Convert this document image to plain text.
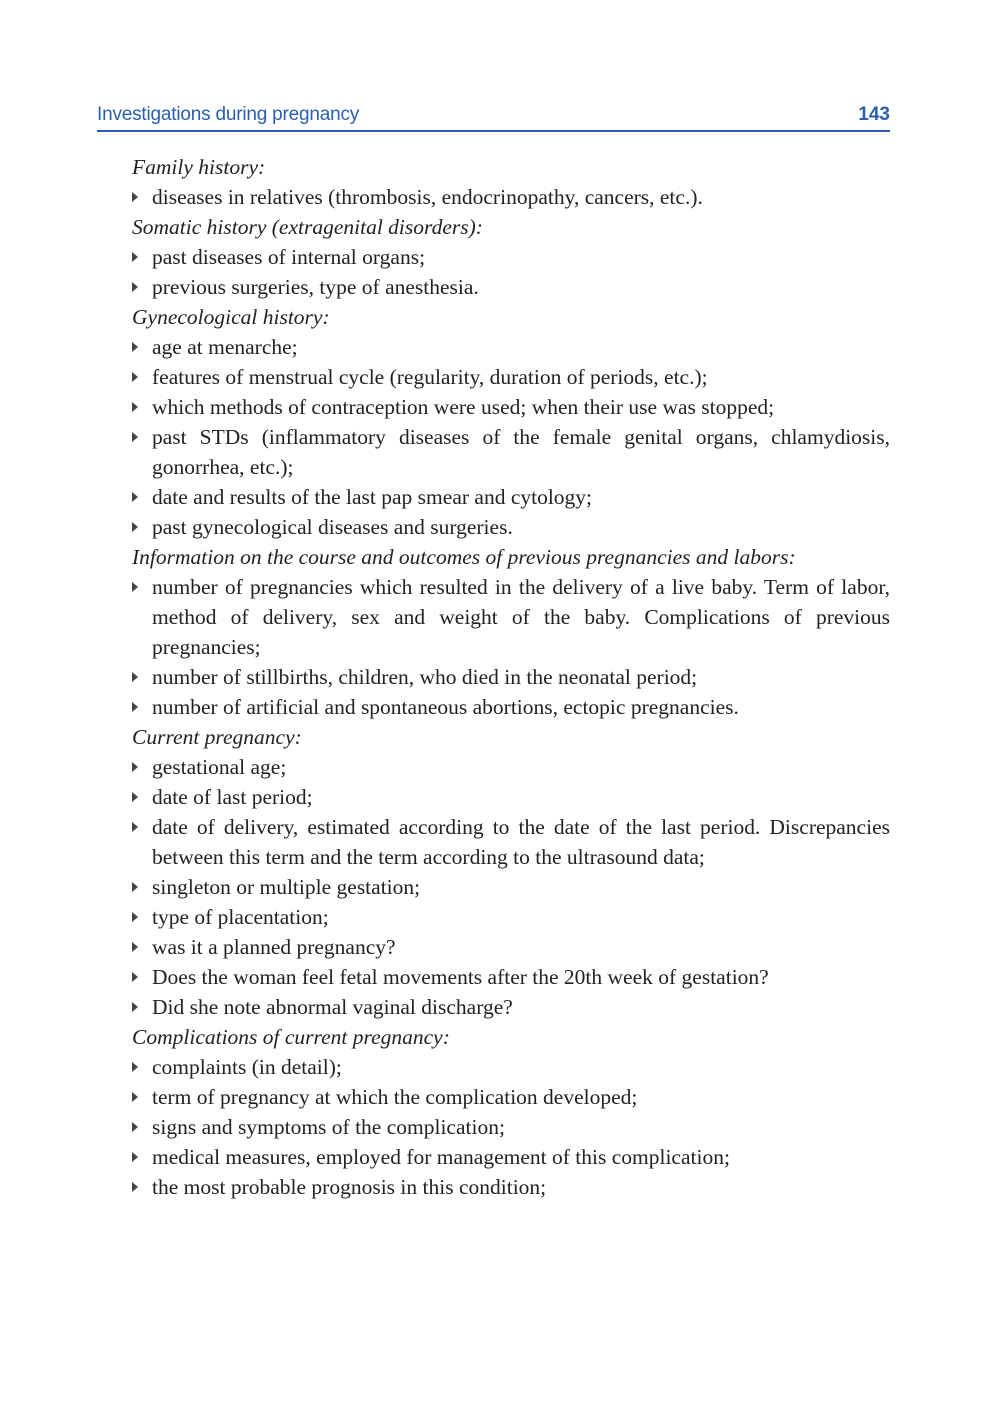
Investigations during pregnancy	143
Family history:
diseases in relatives (thrombosis, endocrinopathy, cancers, etc.).
Somatic history (extragenital disorders):
past diseases of internal organs;
previous surgeries, type of anesthesia.
Gynecological history:
age at menarche;
features of menstrual cycle (regularity, duration of periods, etc.);
which methods of contraception were used; when their use was stopped;
past STDs (inflammatory diseases of the female genital organs, chlamydiosis, gonorrhea, etc.);
date and results of the last pap smear and cytology;
past gynecological diseases and surgeries.
Information on the course and outcomes of previous pregnancies and labors:
number of pregnancies which resulted in the delivery of a live baby. Term of labor, method of delivery, sex and weight of the baby. Complications of previous pregnancies;
number of stillbirths, children, who died in the neonatal period;
number of artificial and spontaneous abortions, ectopic pregnancies.
Current pregnancy:
gestational age;
date of last period;
date of delivery, estimated according to the date of the last period. Discrepancies between this term and the term according to the ultrasound data;
singleton or multiple gestation;
type of placentation;
was it a planned pregnancy?
Does the woman feel fetal movements after the 20th week of gestation?
Did she note abnormal vaginal discharge?
Complications of current pregnancy:
complaints (in detail);
term of pregnancy at which the complication developed;
signs and symptoms of the complication;
medical measures, employed for management of this complication;
the most probable prognosis in this condition;
